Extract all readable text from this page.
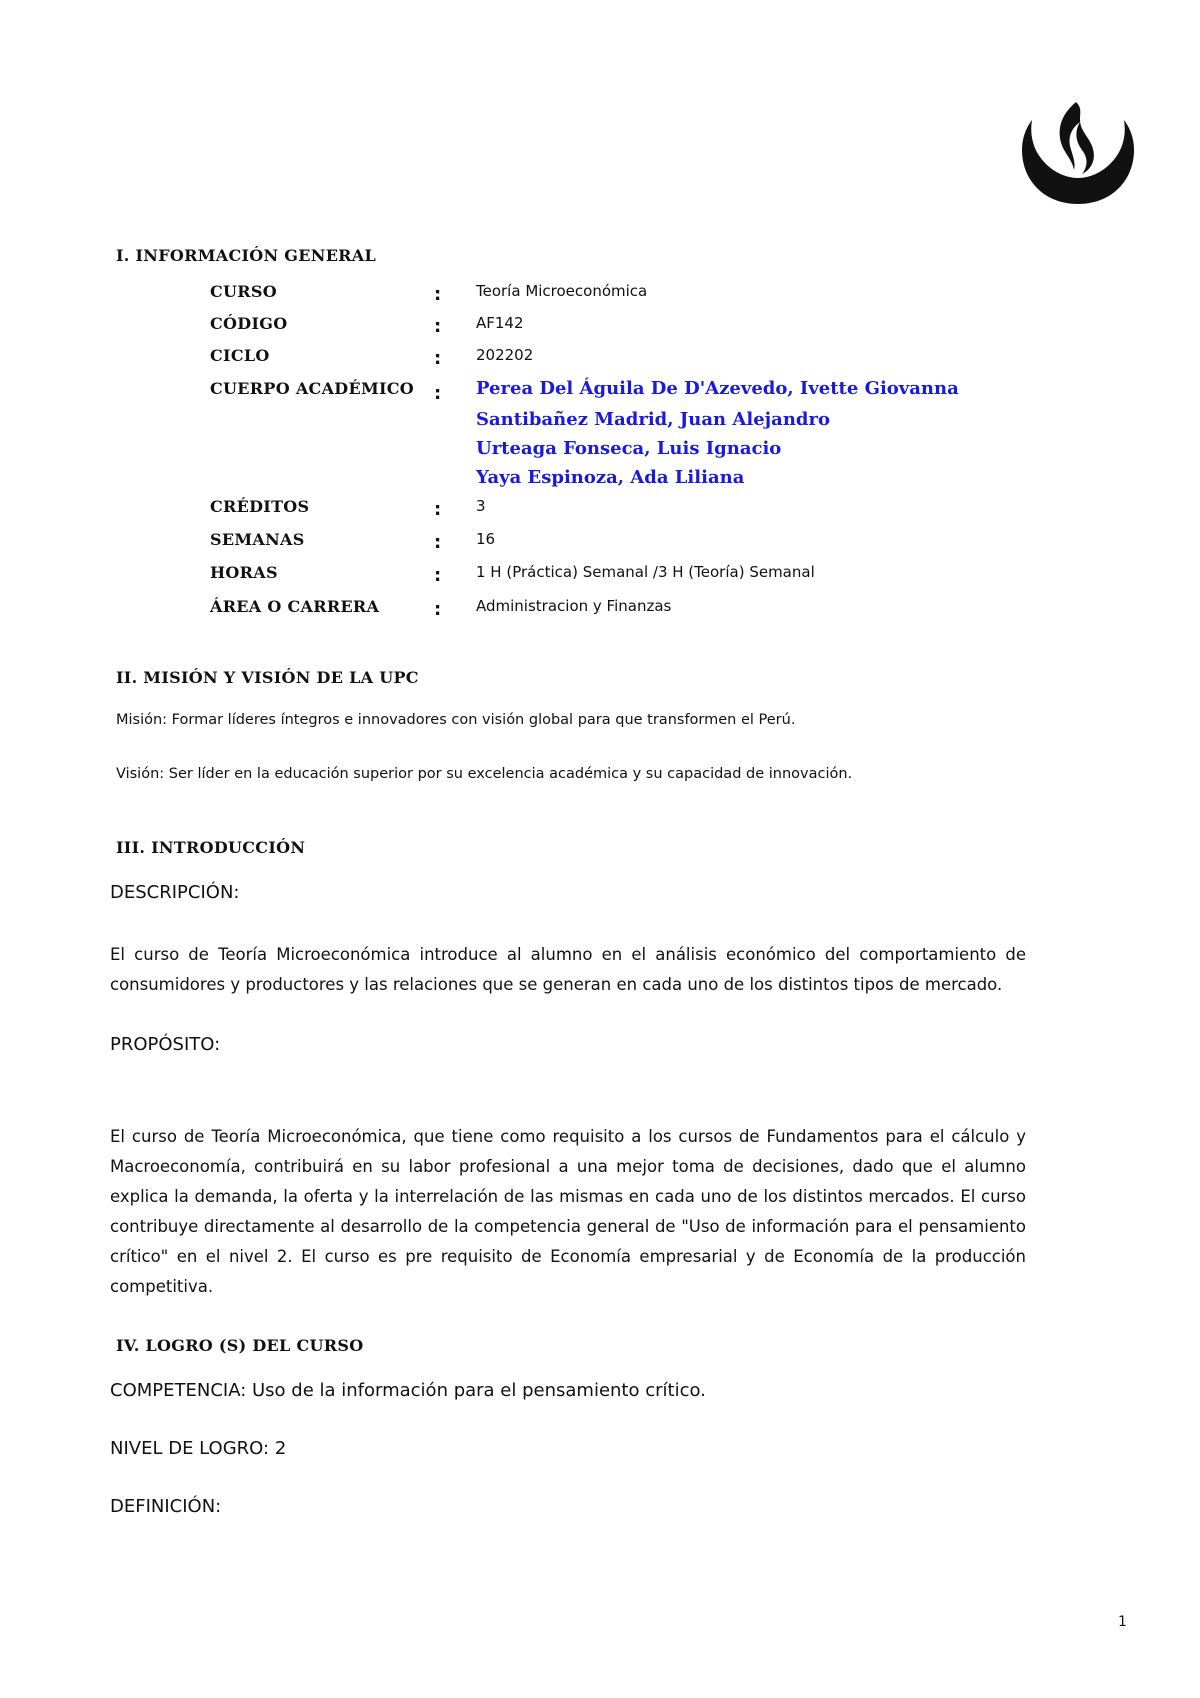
I. INFORMACIÓN GENERAL
CURSO	: Teoría Microeconómica
CÓDIGO	: AF142
CICLO	: 202202
CUERPO ACADÉMICO : Perea Del Águila De D'Azevedo, Ivette Giovanna
Santibañez Madrid, Juan Alejandro
Urteaga Fonseca, Luis Ignacio
Yaya Espinoza, Ada Liliana
CRÉDITOS	: 3
SEMANAS	: 16
HORAS	: 1 H (Práctica) Semanal /3 H (Teoría) Semanal
ÁREA O CARRERA	: Administracion y Finanzas
II. MISIÓN Y VISIÓN DE LA UPC
Misión: Formar líderes íntegros e innovadores con visión global para que transformen el Perú.
Visión: Ser líder en la educación superior por su excelencia académica y su capacidad de innovación.
III. INTRODUCCIÓN
DESCRIPCIÓN:

El curso de Teoría Microeconómica introduce al alumno en el análisis económico del comportamiento de consumidores y productores y las relaciones que se generan en cada uno de los distintos tipos de mercado.

PROPÓSITO:

El curso de Teoría Microeconómica, que tiene como requisito a los cursos de Fundamentos para el cálculo y Macroeconomía, contribuirá en su labor profesional a una mejor toma de decisiones, dado que el alumno explica la demanda, la oferta y la interrelación de las mismas en cada uno de los distintos mercados. El curso contribuye directamente al desarrollo de la competencia general de "Uso de información para el pensamiento crítico" en el nivel 2. El curso es pre requisito de Economía empresarial y de Economía de la producción competitiva.

IV. LOGRO (S) DEL CURSO
COMPETENCIA: Uso de la información para el pensamiento crítico.
NIVEL DE LOGRO: 2
DEFINICIÓN:
1
